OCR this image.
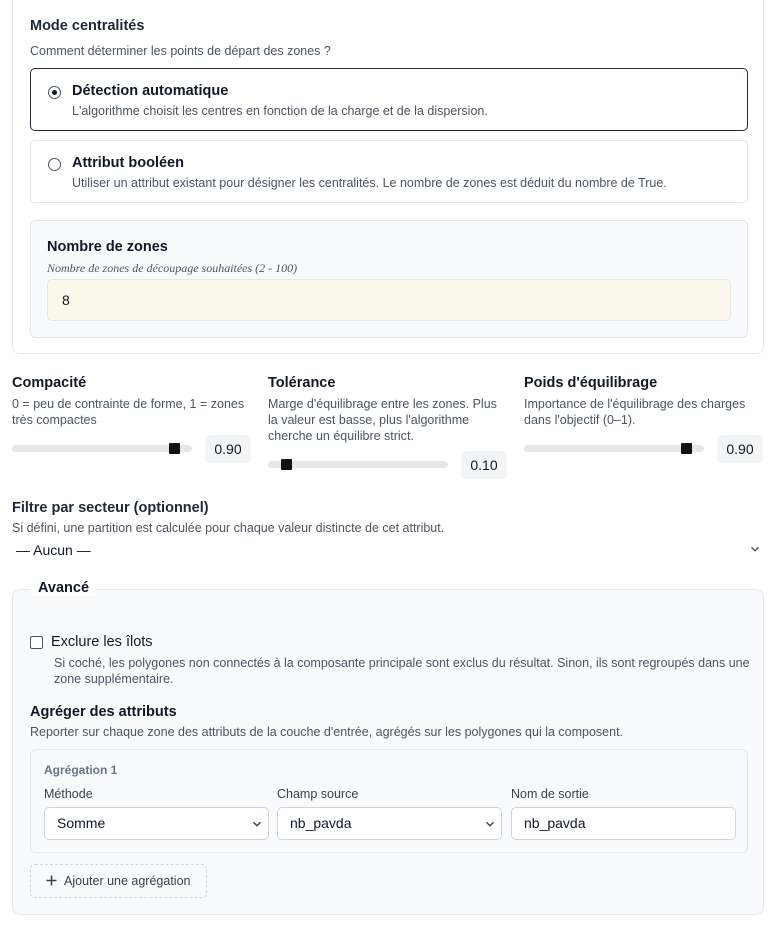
Mode centralités
Comment déterminer les points de départ des zones ?
Détection automatique
L'algorithme choisit les centres en fonction de la charge et de la dispersion.
Attribut booléen
Utiliser un attribut existant pour désigner les centralités. Le nombre de zones est déduit du nombre de True.
Nombre de zones
Nombre de zones de découpage souhaitées (2 - 100)
8
Compacité
0 = peu de contrainte de forme, 1 = zones très compactes
0.90
Tolérance
Marge d'équilibrage entre les zones. Plus la valeur est basse, plus l'algorithme cherche un équilibre strict.
0.10
Poids d'équilibrage
Importance de l'équilibrage des charges dans l'objectif (0–1).
0.90
Filtre par secteur (optionnel)
Si défini, une partition est calculée pour chaque valeur distincte de cet attribut.
— Aucun —
Avancé
Exclure les îlots
Si coché, les polygones non connectés à la composante principale sont exclus du résultat. Sinon, ils sont regroupés dans une zone supplémentaire.
Agréger des attributs
Reporter sur chaque zone des attributs de la couche d'entrée, agrégés sur les polygones qui la composent.
Agrégation 1
Méthode
Somme
Champ source
nb_pavda
Nom de sortie
nb_pavda
Ajouter une agrégation
